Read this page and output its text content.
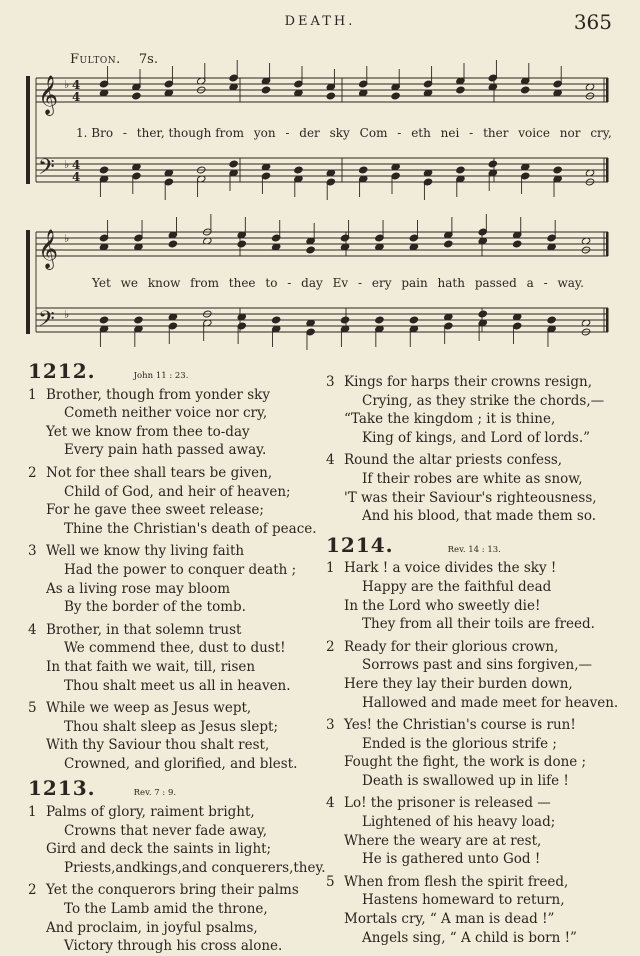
DEATH.	365
Fulton. 7s.
𝄞
𝄢
𝄞
𝄢
♭ 4
4
♭ 4
4
♭
♭
1. Bro - ther, though from yon - der sky Com - eth nei - ther voice nor cry,
Yet we know from thee to - day Ev - ery pain hath passed a - way.
1212.	John 11 : 23.
1 Brother, though from yonder sky
Cometh neither voice nor cry,
Yet we know from thee to-day
Every pain hath passed away.
2 Not for thee shall tears be given,
Child of God, and heir of heaven;
For he gave thee sweet release;
Thine the Christian's death of peace.
3 Well we know thy living faith
Had the power to conquer death ;
As a living rose may bloom
By the border of the tomb.
4 Brother, in that solemn trust
We commend thee, dust to dust!
In that faith we wait, till, risen
Thou shalt meet us all in heaven.
5 While we weep as Jesus wept,
Thou shalt sleep as Jesus slept;
With thy Saviour thou shalt rest,
Crowned, and glorified, and blest.
1213.	Rev. 7 : 9.
1 Palms of glory, raiment bright,
Crowns that never fade away,
Gird and deck the saints in light;
Priests,andkings,and conquerers,they.
2 Yet the conquerors bring their palms
To the Lamb amid the throne,
And proclaim, in joyful psalms,
Victory through his cross alone.
3 Kings for harps their crowns resign,
Crying, as they strike the chords,—
“Take the kingdom ; it is thine,
King of kings, and Lord of lords.”
4 Round the altar priests confess,
If their robes are white as snow,
'T was their Saviour's righteousness,
And his blood, that made them so.
1214.	Rev. 14 : 13.
1 Hark ! a voice divides the sky !
Happy are the faithful dead
In the Lord who sweetly die!
They from all their toils are freed.
2 Ready for their glorious crown,
Sorrows past and sins forgiven,—
Here they lay their burden down,
Hallowed and made meet for heaven.
3 Yes! the Christian's course is run!
Ended is the glorious strife ;
Fought the fight, the work is done ;
Death is swallowed up in life !
4 Lo! the prisoner is released —
Lightened of his heavy load;
Where the weary are at rest,
He is gathered unto God !
5 When from flesh the spirit freed,
Hastens homeward to return,
Mortals cry, “ A man is dead !”
Angels sing, “ A child is born !”
